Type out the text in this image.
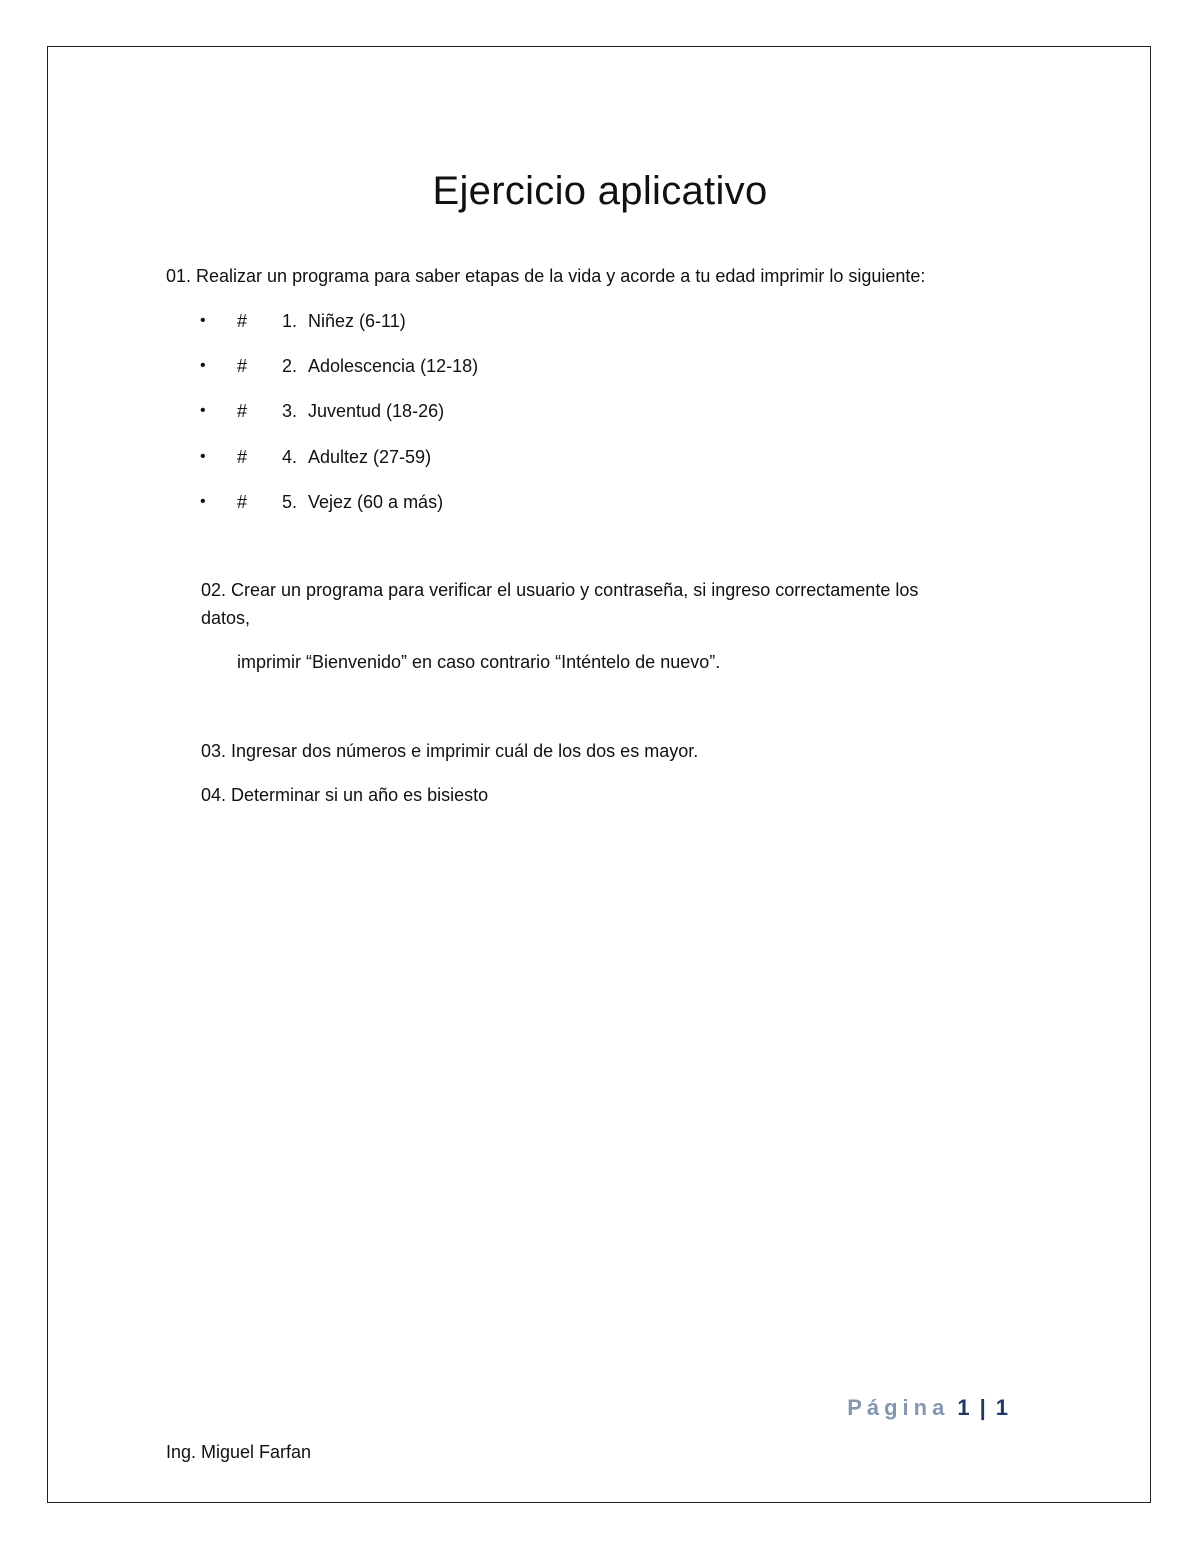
Ejercicio aplicativo
01. Realizar un programa para saber etapas de la vida y acorde a tu edad imprimir lo siguiente:
• # 1. Niñez (6-11)
• # 2. Adolescencia (12-18)
• # 3. Juventud (18-26)
• # 4. Adultez (27-59)
• # 5. Vejez (60 a más)
02. Crear un programa para verificar el usuario y contraseña, si ingreso correctamente los
datos,
imprimir “Bienvenido” en caso contrario “Inténtelo de nuevo”.
03. Ingresar dos números e imprimir cuál de los dos es mayor.
04. Determinar si un año es bisiesto
Página 1 | 1
Ing. Miguel Farfan
